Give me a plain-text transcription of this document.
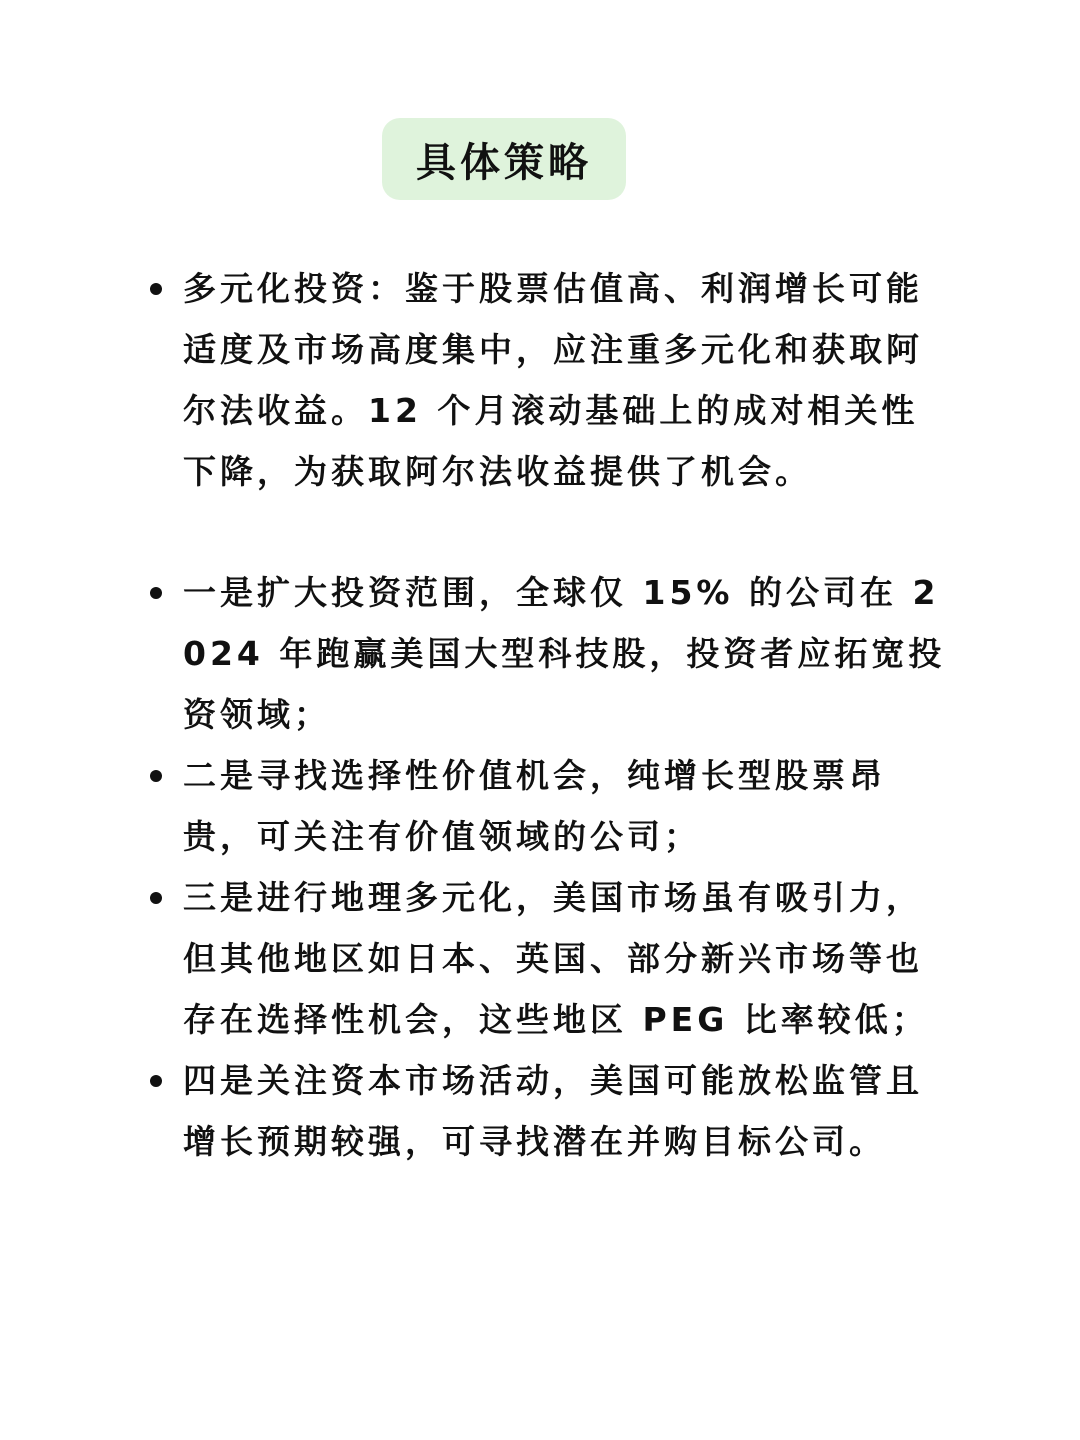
具体策略

多元化投资：鉴于股票估值高、利润增长可能适度及市场高度集中，应注重多元化和获取阿尔法收益。12 个月滚动基础上的成对相关性下降，为获取阿尔法收益提供了机会。

一是扩大投资范围，全球仅 15% 的公司在 2024 年跑赢美国大型科技股，投资者应拓宽投资领域；

二是寻找选择性价值机会，纯增长型股票昂贵，可关注有价值领域的公司；

三是进行地理多元化，美国市场虽有吸引力，但其他地区如日本、英国、部分新兴市场等也存在选择性机会，这些地区 PEG 比率较低；

四是关注资本市场活动，美国可能放松监管且增长预期较强，可寻找潜在并购目标公司。
